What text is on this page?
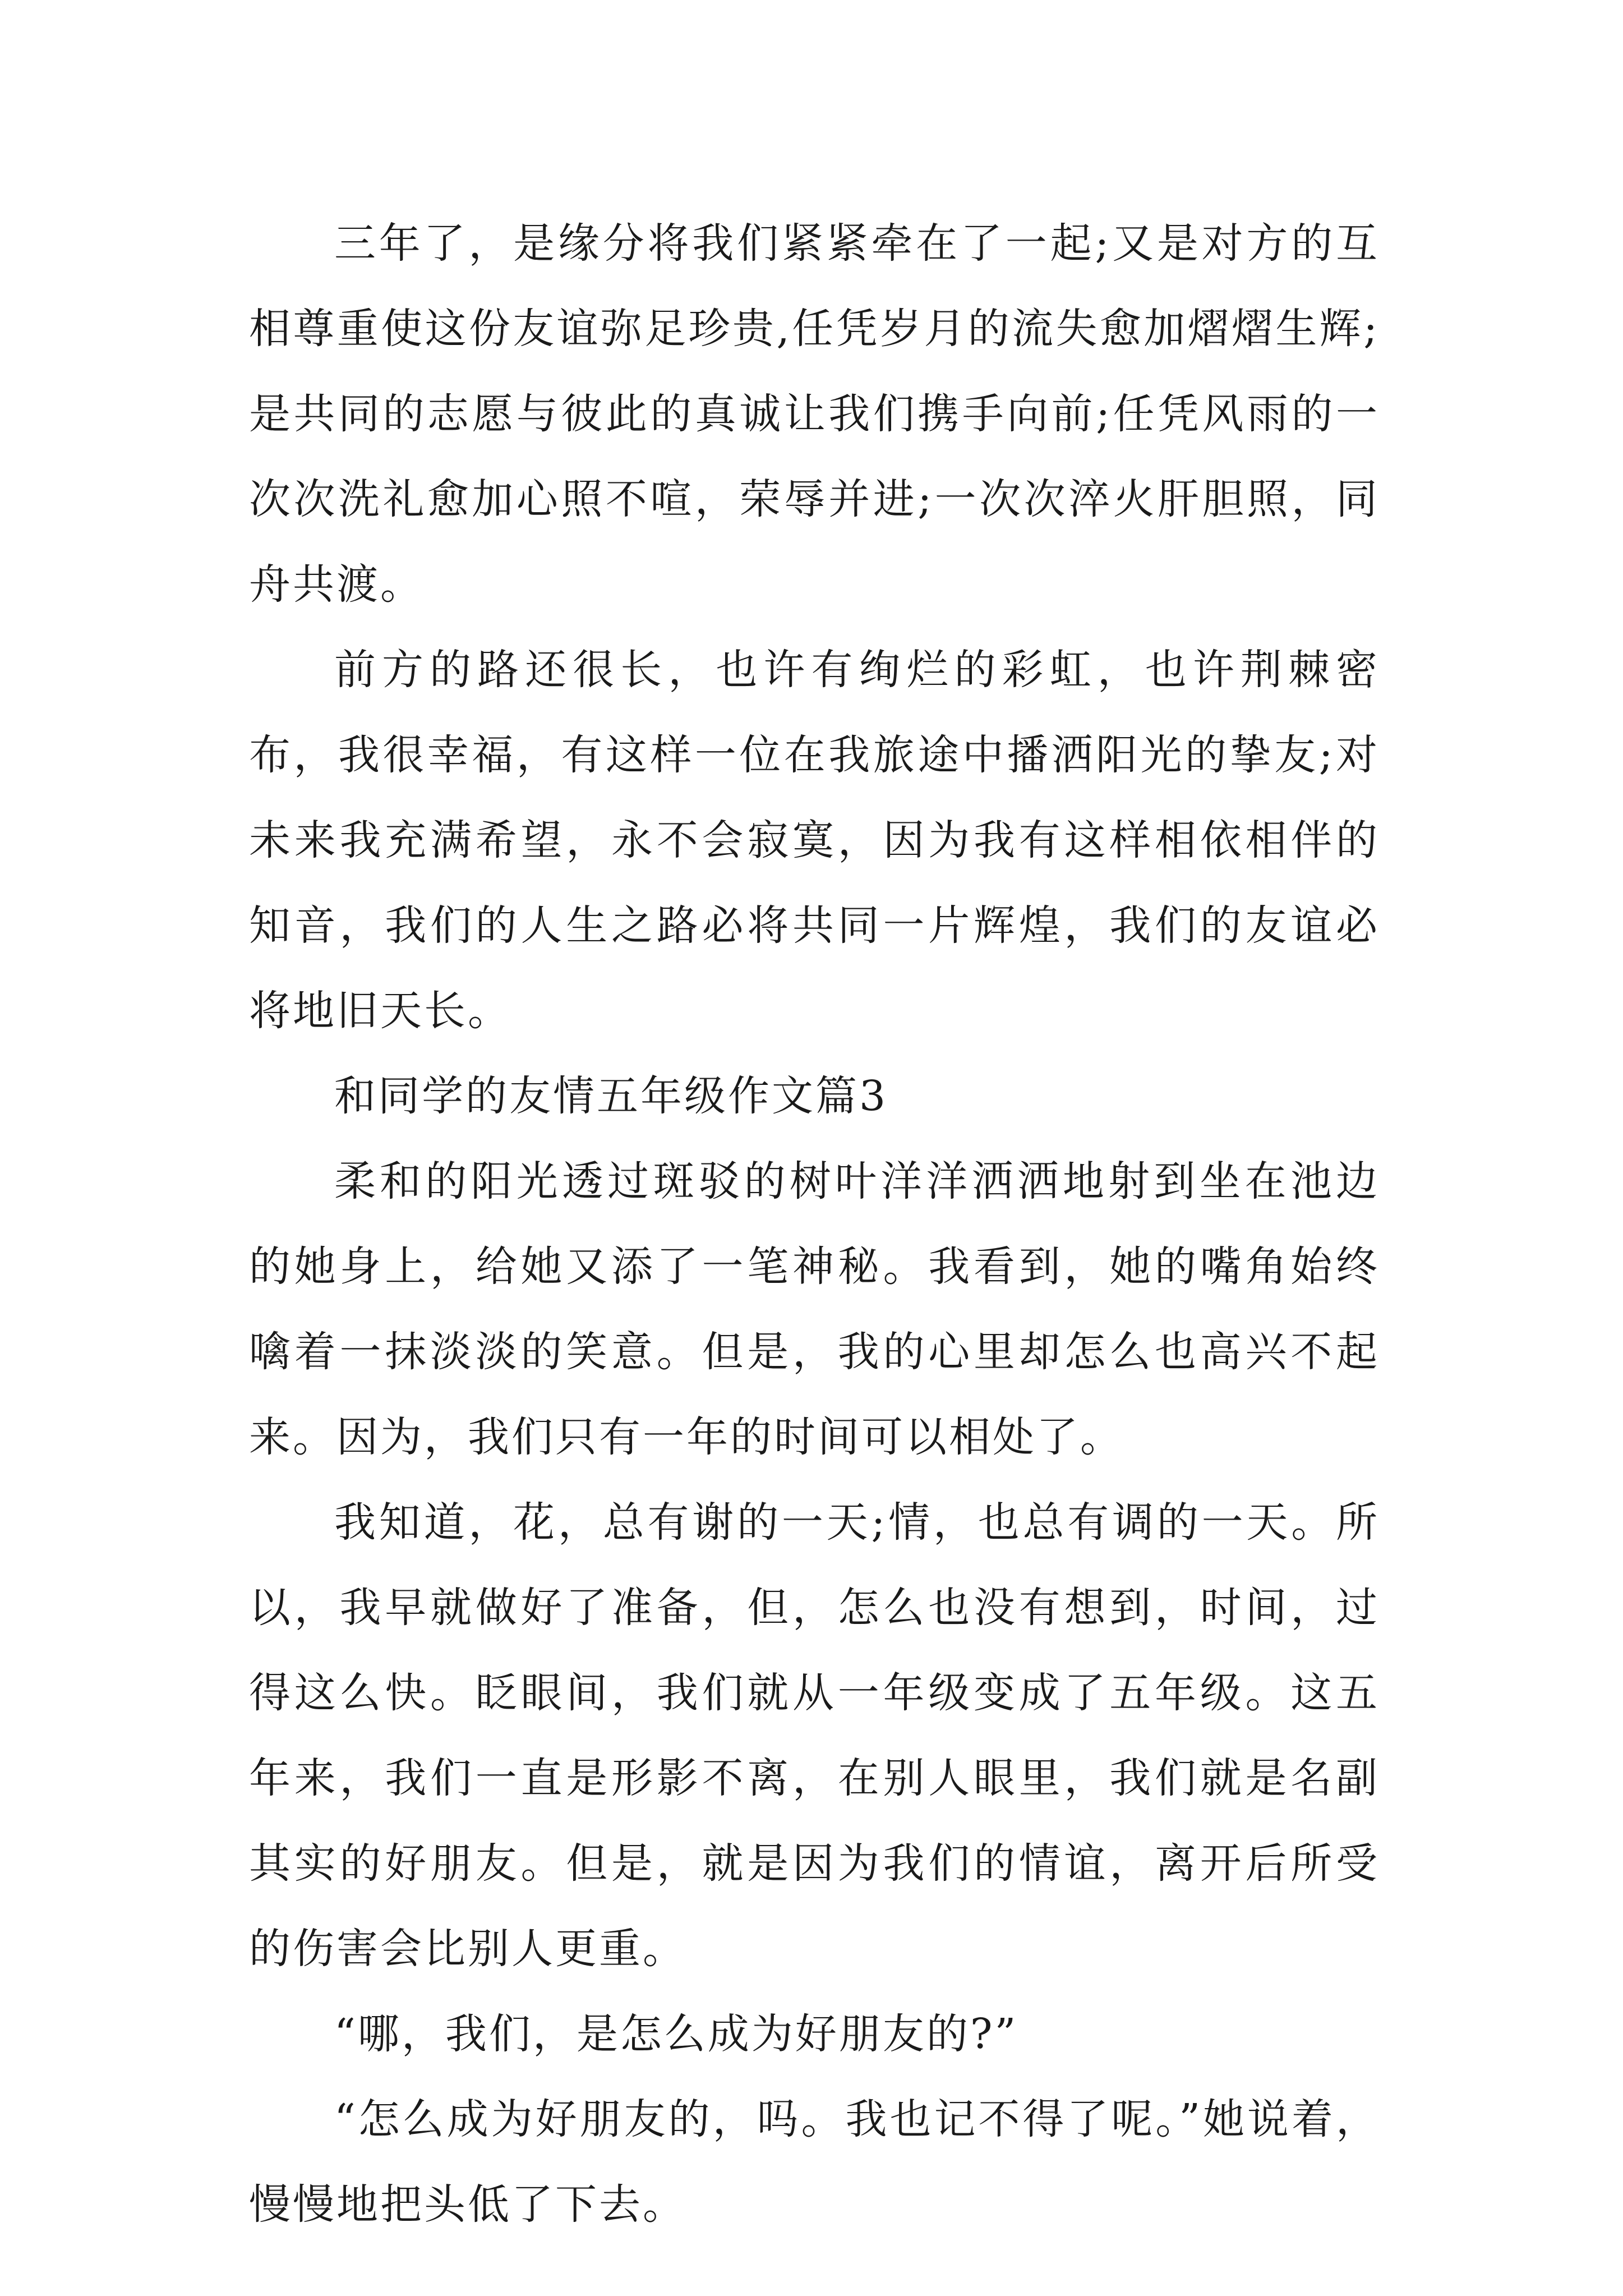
三年了，是缘分将我们紧紧牵在了一起;又是对方的互相尊重使这份友谊弥足珍贵,任凭岁月的流失愈加熠熠生辉;是共同的志愿与彼此的真诚让我们携手向前;任凭风雨的一次次洗礼愈加心照不喧，荣辱并进;一次次淬火肝胆照，同舟共渡。

前方的路还很长，也许有绚烂的彩虹，也许荆棘密布，我很幸福，有这样一位在我旅途中播洒阳光的挚友;对未来我充满希望，永不会寂寞，因为我有这样相依相伴的知音，我们的人生之路必将共同一片辉煌，我们的友谊必将地旧天长。

和同学的友情五年级作文篇3

柔和的阳光透过斑驳的树叶洋洋洒洒地射到坐在池边的她身上，给她又添了一笔神秘。我看到，她的嘴角始终噙着一抹淡淡的笑意。但是，我的心里却怎么也高兴不起来。因为，我们只有一年的时间可以相处了。

我知道，花，总有谢的一天;情，也总有调的一天。所以，我早就做好了准备，但，怎么也没有想到，时间，过得这么快。眨眼间，我们就从一年级变成了五年级。这五年来，我们一直是形影不离，在别人眼里，我们就是名副其实的好朋友。但是，就是因为我们的情谊，离开后所受的伤害会比别人更重。

“哪，我们，是怎么成为好朋友的?”

“怎么成为好朋友的，吗。我也记不得了呢。”她说着，慢慢地把头低了下去。
